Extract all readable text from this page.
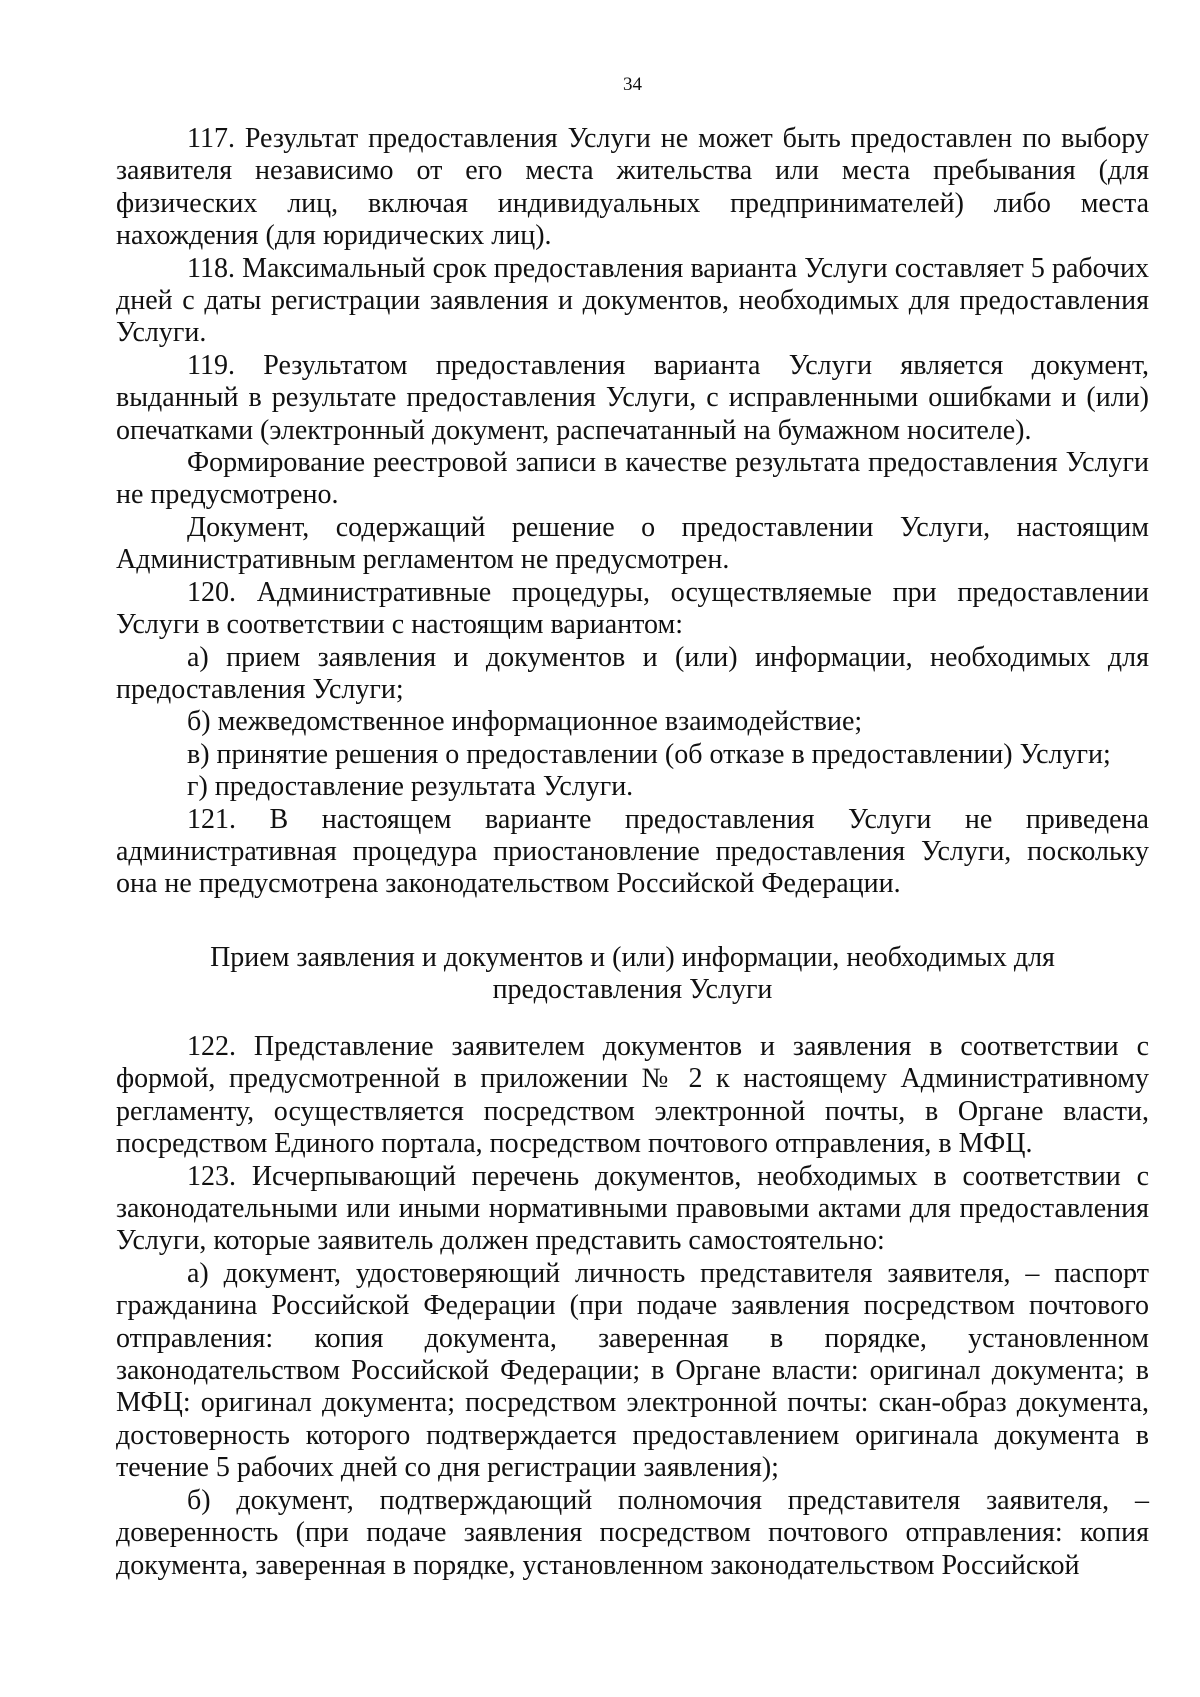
34

117. Результат предоставления Услуги не может быть предоставлен по выбору заявителя независимо от его места жительства или места пребывания (для физических лиц, включая индивидуальных предпринимателей) либо места нахождения (для юридических лиц).

118. Максимальный срок предоставления варианта Услуги составляет 5 рабочих дней с даты регистрации заявления и документов, необходимых для предоставления Услуги.

119. Результатом предоставления варианта Услуги является документ, выданный в результате предоставления Услуги, с исправленными ошибками и (или) опечатками (электронный документ, распечатанный на бумажном носителе).

Формирование реестровой записи в качестве результата предоставления Услуги не предусмотрено.

Документ, содержащий решение о предоставлении Услуги, настоящим Административным регламентом не предусмотрен.

120. Административные процедуры, осуществляемые при предоставлении Услуги в соответствии с настоящим вариантом:

а) прием заявления и документов и (или) информации, необходимых для предоставления Услуги;

б) межведомственное информационное взаимодействие;

в) принятие решения о предоставлении (об отказе в предоставлении) Услуги;

г) предоставление результата Услуги.

121. В настоящем варианте предоставления Услуги не приведена административная процедура приостановление предоставления Услуги, поскольку она не предусмотрена законодательством Российской Федерации.

Прием заявления и документов и (или) информации, необходимых для

предоставления Услуги

122. Представление заявителем документов и заявления в соответствии с формой, предусмотренной в приложении № 2 к настоящему Административному регламенту, осуществляется посредством электронной почты, в Органе власти, посредством Единого портала, посредством почтового отправления, в МФЦ.

123. Исчерпывающий перечень документов, необходимых в соответствии с законодательными или иными нормативными правовыми актами для предоставления Услуги, которые заявитель должен представить самостоятельно:

а) документ, удостоверяющий личность представителя заявителя, – паспорт гражданина Российской Федерации (при подаче заявления посредством почтового отправления: копия документа, заверенная в порядке, установленном законодательством Российской Федерации; в Органе власти: оригинал документа; в МФЦ: оригинал документа; посредством электронной почты: скан-образ документа, достоверность которого подтверждается предоставлением оригинала документа в течение 5 рабочих дней со дня регистрации заявления);

б) документ, подтверждающий полномочия представителя заявителя, – доверенность (при подаче заявления посредством почтового отправления: копия документа, заверенная в порядке, установленном законодательством Российской
